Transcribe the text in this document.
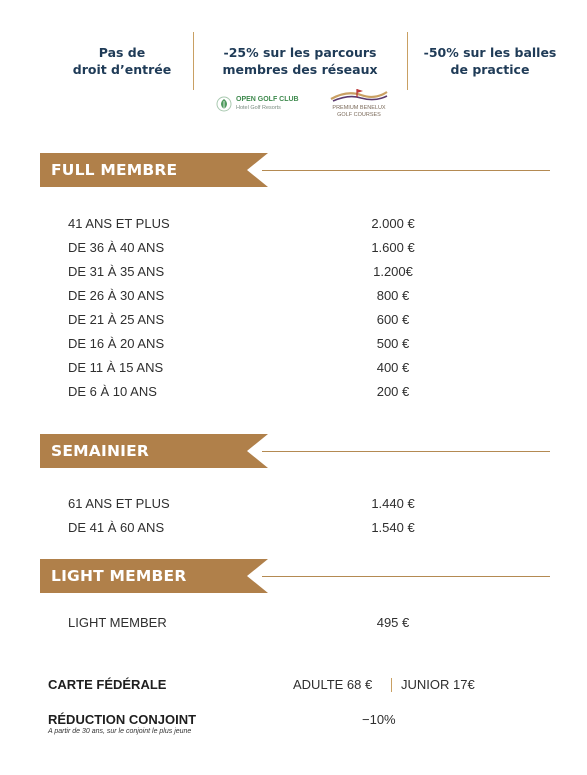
Pas de
droit d’entrée
-25% sur les parcours
membres des réseaux
-50% sur les balles
de practice
OPEN GOLF CLUB
Hotel Golf Resorts	PREMIUM BENELUX
GOLF COURSES
FULL MEMBRE
41 ANS ET PLUS	2.000 €
DE 36 À 40 ANS	1.600 €
DE 31 À 35 ANS	1.200€
DE 26 À 30 ANS	800 €
DE 21 À 25 ANS	600 €
DE 16 À 20 ANS	500 €
DE 11 À 15 ANS	400 €
DE 6 À 10 ANS	200 €
SEMAINIER
61 ANS ET PLUS	1.440 €
DE 41 À 60 ANS	1.540 €
LIGHT MEMBER
LIGHT MEMBER	495 €
CARTE FÉDÉRALE	ADULTE 68 € JUNIOR 17€
RÉDUCTION CONJOINT	−10%
A partir de 30 ans, sur le conjoint le plus jeune
